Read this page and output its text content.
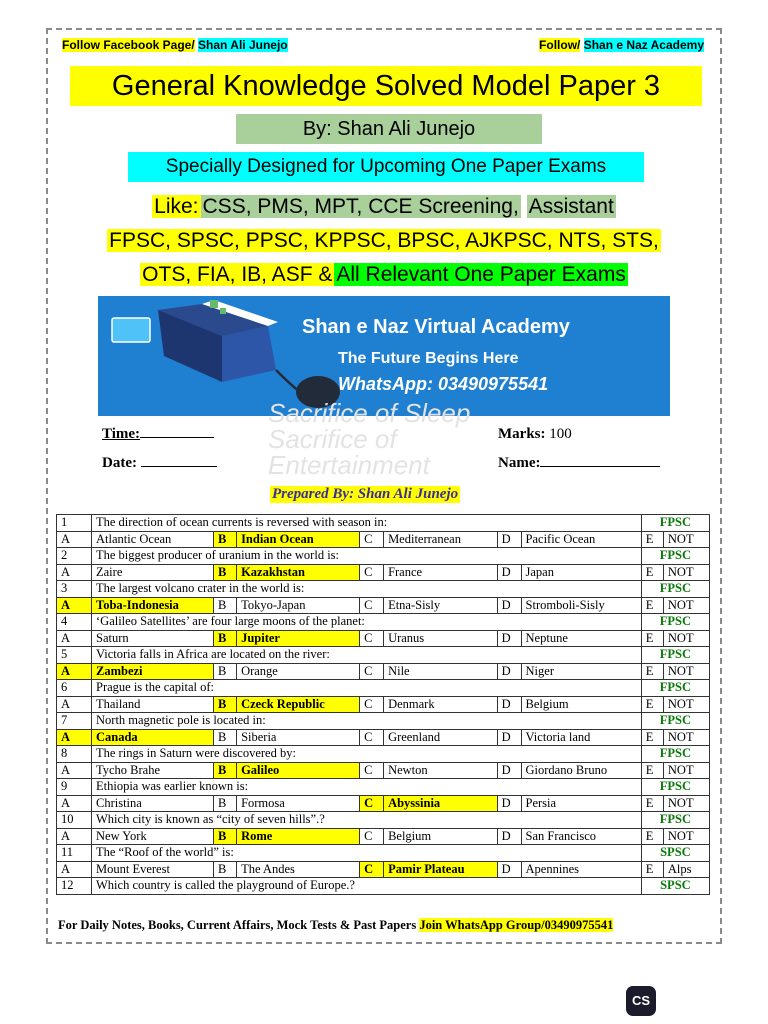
Follow Facebook Page/ Shan Ali Junejo	Follow/ Shan e Naz Academy
General Knowledge Solved Model Paper 3
By: Shan Ali Junejo
Specially Designed for Upcoming One Paper Exams
Like: CSS, PMS, MPT, CCE Screening, Assistant
FPSC, SPSC, PPSC, KPPSC, BPSC, AJKPSC, NTS, STS,
OTS, FIA, IB, ASF & All Relevant One Paper Exams
Shan e Naz Virtual Academy
The Future Begins Here
WhatsApp: 03490975541
Sacrifice of Sleep
Sacrifice of
Entertainment
Time:
Date:
Marks: 100
Name:
Prepared By: Shan Ali Junejo
1	The direction of ocean currents is reversed with season in:							FPSC	
A	Atlantic Ocean	B	Indian Ocean	C	Mediterranean	D	Pacific Ocean	E	NOT
2	The biggest producer of uranium in the world is:							FPSC	
A	Zaire	B	Kazakhstan	C	France	D	Japan	E	NOT
3	The largest volcano crater in the world is:							FPSC	
A	Toba-Indonesia	B	Tokyo-Japan	C	Etna-Sisly	D	Stromboli-Sisly	E	NOT
4	‘Galileo Satellites’ are four large moons of the planet:							FPSC	
A	Saturn	B	Jupiter	C	Uranus	D	Neptune	E	NOT
5	Victoria falls in Africa are located on the river:							FPSC	
A	Zambezi	B	Orange	C	Nile	D	Niger	E	NOT
6	Prague is the capital of:							FPSC	
A	Thailand	B	Czeck Republic	C	Denmark	D	Belgium	E	NOT
7	North magnetic pole is located in:							FPSC	
A	Canada	B	Siberia	C	Greenland	D	Victoria land	E	NOT
8	The rings in Saturn were discovered by:							FPSC	
A	Tycho Brahe	B	Galileo	C	Newton	D	Giordano Bruno	E	NOT
9	Ethiopia was earlier known is:							FPSC	
A	Christina	B	Formosa	C	Abyssinia	D	Persia	E	NOT
10	Which city is known as “city of seven hills”.?							FPSC	
A	New York	B	Rome	C	Belgium	D	San Francisco	E	NOT
11	The “Roof of the world” is:							SPSC	
A	Mount Everest	B	The Andes	C	Pamir Plateau	D	Apennines	E	Alps
12	Which country is called the playground of Europe.?							SPSC	
For Daily Notes, Books, Current Affairs, Mock Tests & Past Papers Join WhatsApp Group/03490975541
CS
